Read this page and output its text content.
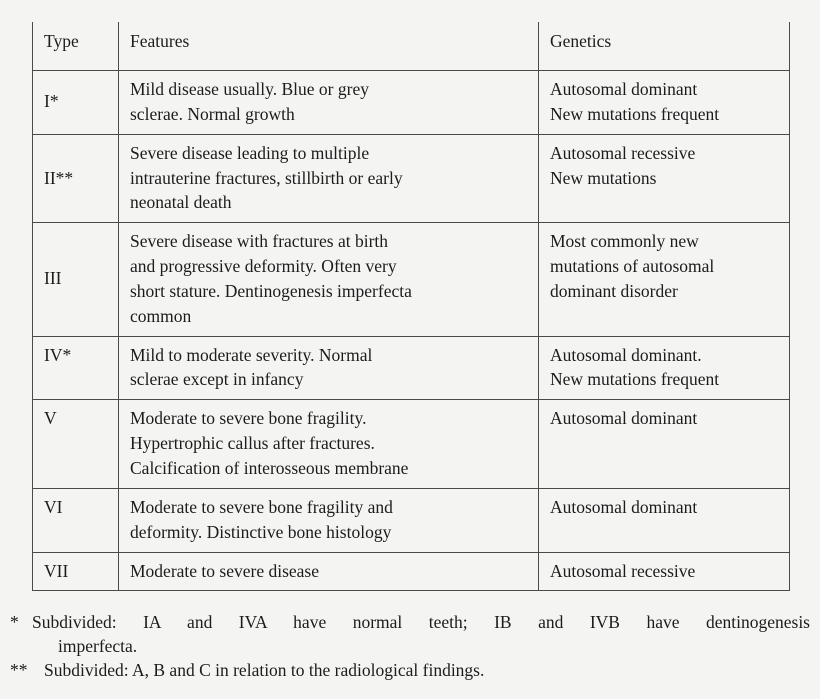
Type	Features	Genetics
I*	Mild disease usually. Blue or grey
sclerae. Normal growth	Autosomal dominant
New mutations frequent

II**	Severe disease leading to multiple
intrauterine fractures, stillbirth or early
neonatal death	Autosomal recessive
New mutations

III	Severe disease with fractures at birth
and progressive deformity. Often very
short stature. Dentinogenesis imperfecta
common	Most commonly new
mutations of autosomal
dominant disorder

IV*	Mild to moderate severity. Normal
sclerae except in infancy	Autosomal dominant.
New mutations frequent

V	Moderate to severe bone fragility.
Hypertrophic callus after fractures.
Calcification of interosseous membrane	Autosomal dominant

VI	Moderate to severe bone fragility and
deformity. Distinctive bone histology	Autosomal dominant

VII	Moderate to severe disease	Autosomal recessive
* Subdivided: IA and IVA have normal teeth; IB and IVB have dentinogenesis
imperfecta.
** Subdivided: A, B and C in relation to the radiological findings.
